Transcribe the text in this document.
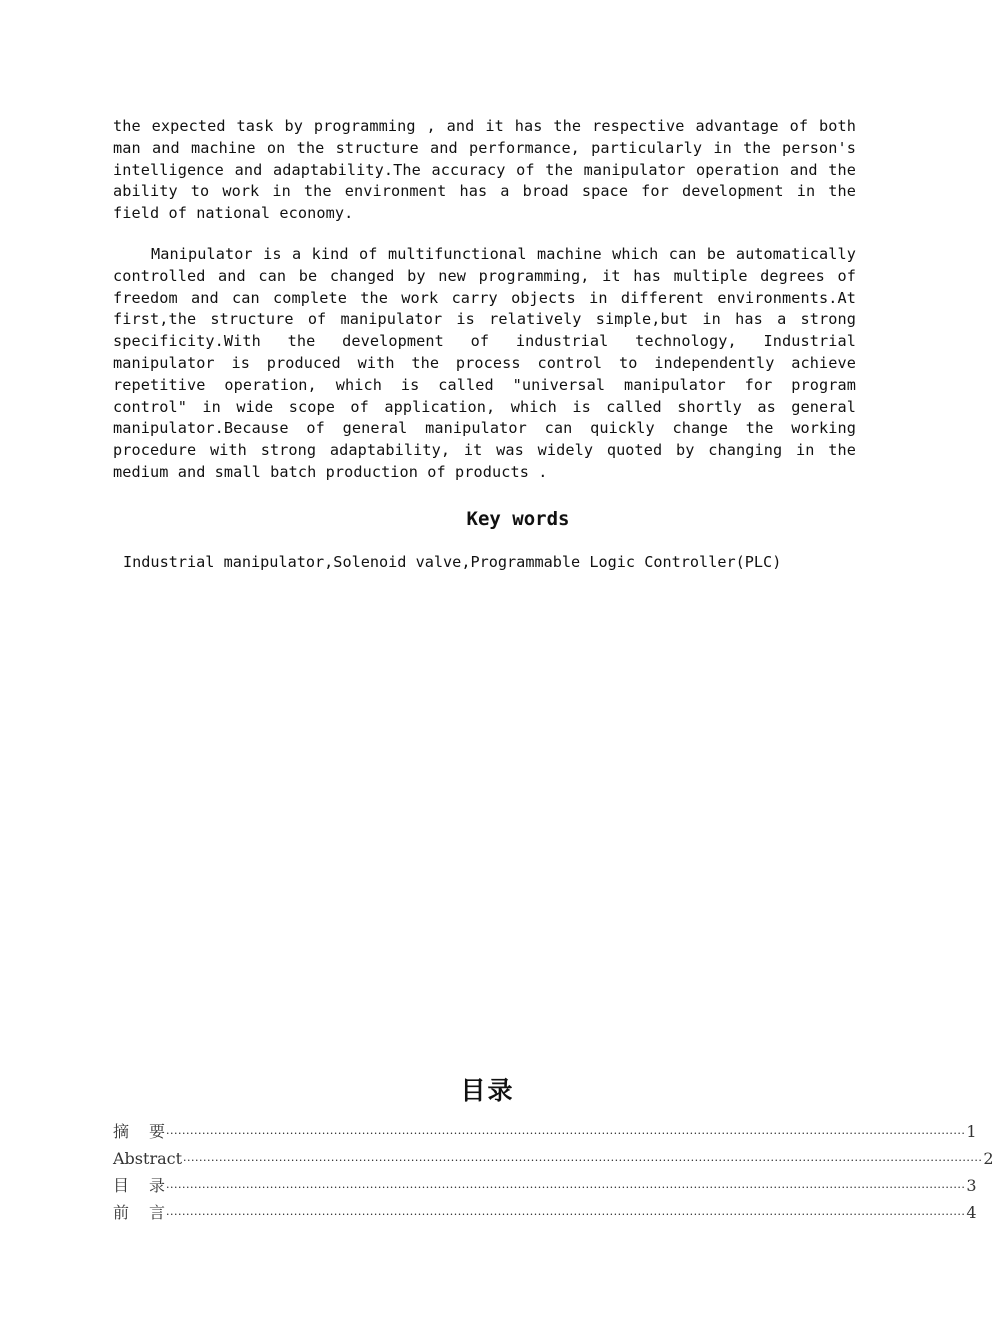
the expected task by programming , and it has the respective advantage of both man and machine on the structure and performance, particularly in the person's intelligence and adaptability.The accuracy of the manipulator operation and the ability to work in the environment has a broad space for development in the field of national economy.

Manipulator is a kind of multifunctional machine which can be automatically controlled and can be changed by new programming, it has multiple degrees of freedom and can complete the work carry objects in different environments.At first,the structure of manipulator is relatively simple,but in has a strong specificity.With the development of industrial technology, Industrial manipulator is produced with the process control to independently achieve repetitive operation, which is called "universal manipulator for program control" in wide scope of application, which is called shortly as general manipulator.Because of general manipulator can quickly change the working procedure with strong adaptability, it was widely quoted by changing in the medium and small batch production of products .

Key words

Industrial manipulator,Solenoid valve,Programmable Logic Controller(PLC)

目录
摘要
········································································································································································································ 1
Abstract ········································································································································································································ 2
目录
········································································································································································································ 3
前言
········································································································································································································ 4
